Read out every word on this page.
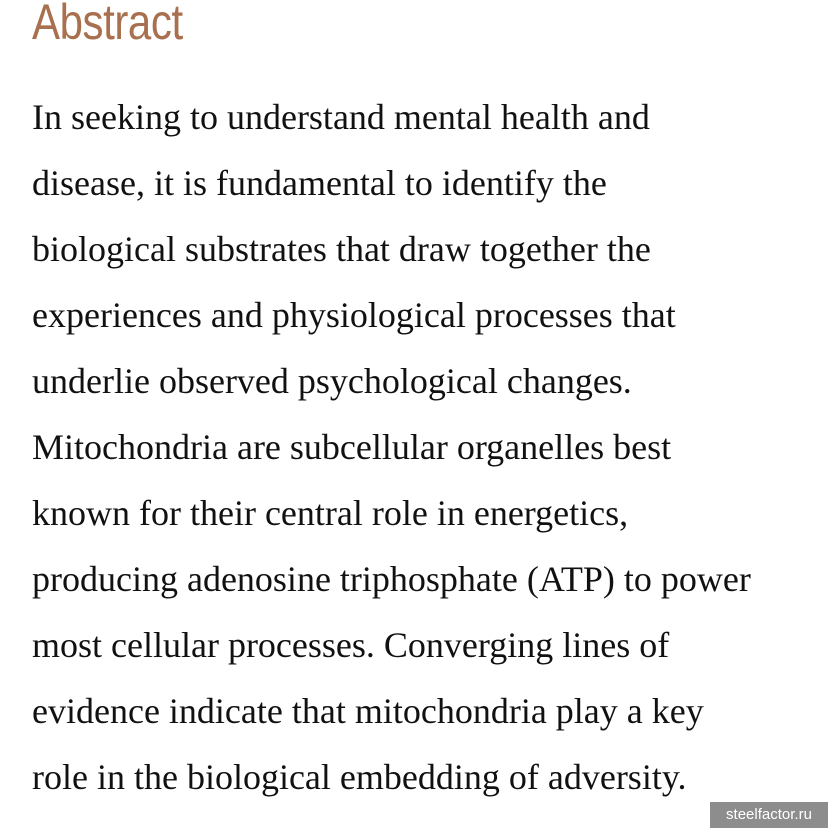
Abstract
In seeking to understand mental health and
disease, it is fundamental to identify the
biological substrates that draw together the
experiences and physiological processes that
underlie observed psychological changes.
Mitochondria are subcellular organelles best
known for their central role in energetics,
producing adenosine triphosphate (ATP) to power
most cellular processes. Converging lines of
evidence indicate that mitochondria play a key
role in the biological embedding of adversity.
steelfactor.ru
